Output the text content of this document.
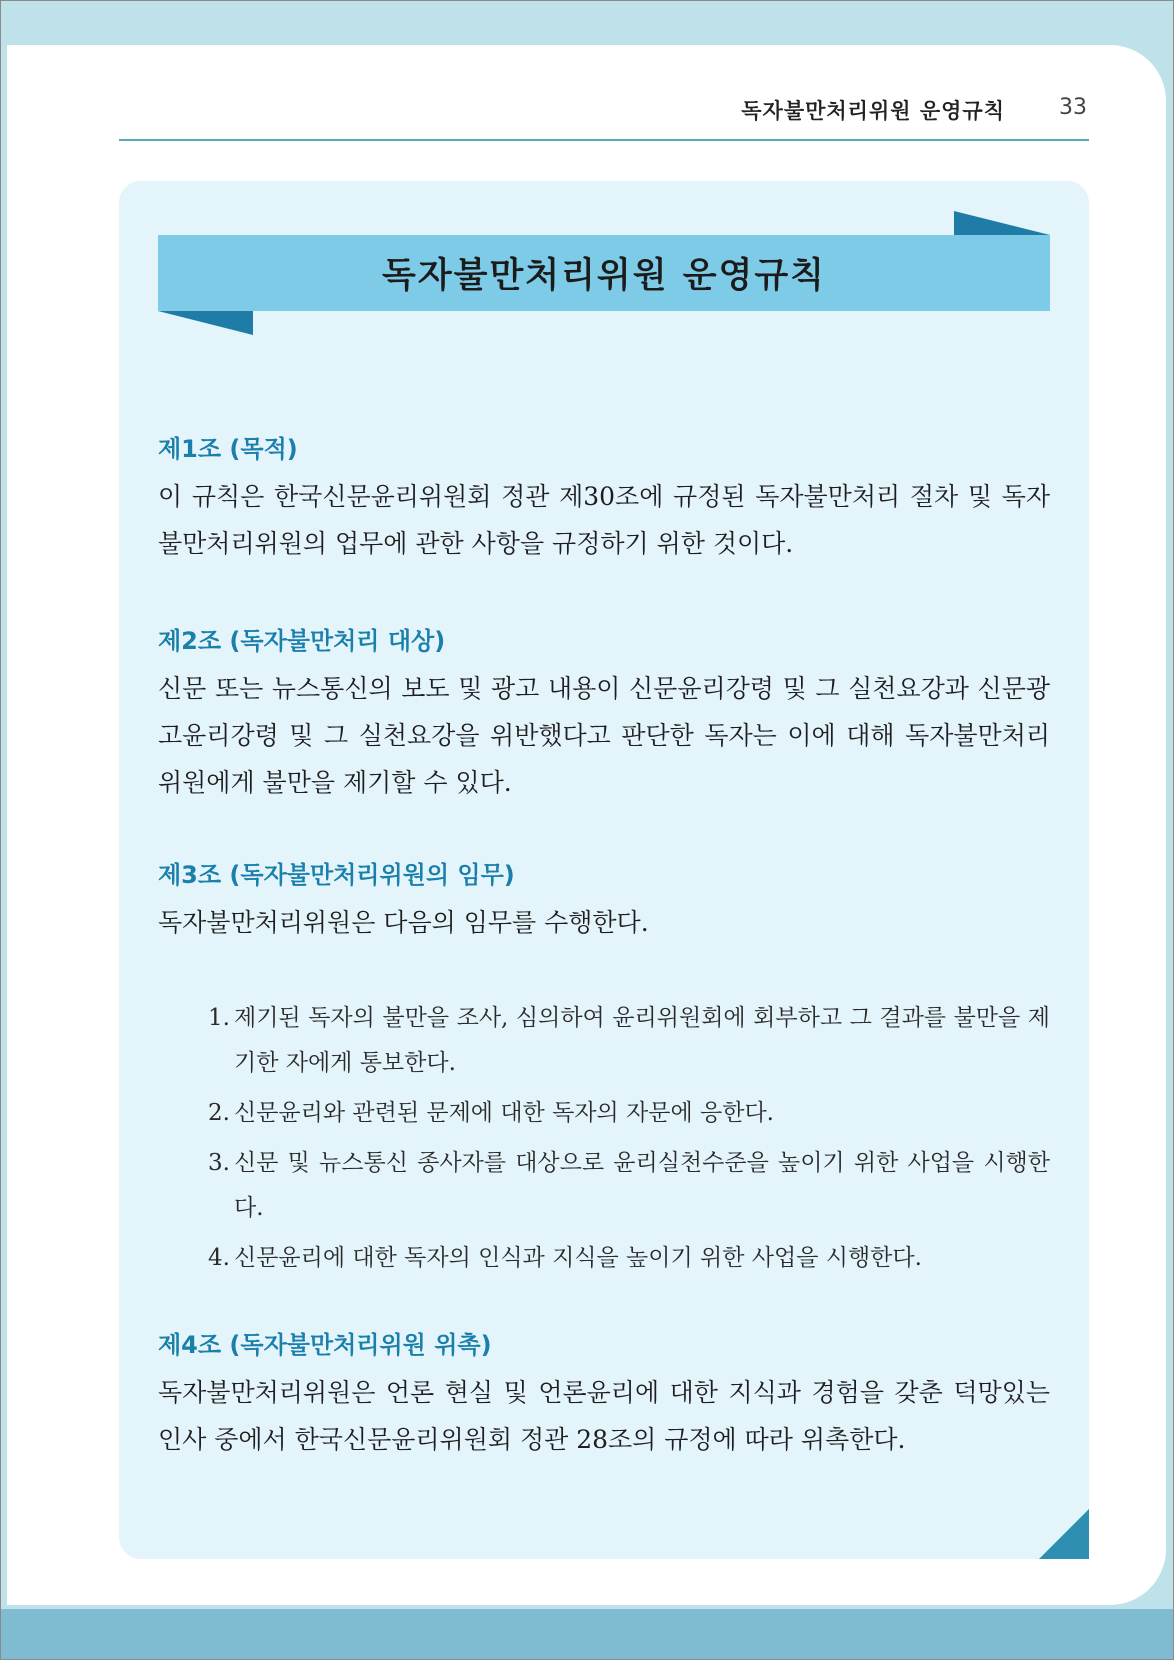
독자불만처리위원 운영규칙 33
독자불만처리위원 운영규칙
제1조 (목적)

이 규칙은 한국신문윤리위원회 정관 제30조에 규정된 독자불만처리 절차 및 독자 불만처리위원의 업무에 관한 사항을 규정하기 위한 것이다.

제2조 (독자불만처리 대상)

신문 또는 뉴스통신의 보도 및 광고 내용이 신문윤리강령 및 그 실천요강과 신문광고윤리강령 및 그 실천요강을 위반했다고 판단한 독자는 이에 대해 독자불만처리위원에게 불만을 제기할 수 있다.

제3조 (독자불만처리위원의 임무)

독자불만처리위원은 다음의 임무를 수행한다.

1. 제기된 독자의 불만을 조사, 심의하여 윤리위원회에 회부하고 그 결과를 불만을 제기한 자에게 통보한다.
2. 신문윤리와 관련된 문제에 대한 독자의 자문에 응한다.
3. 신문 및 뉴스통신 종사자를 대상으로 윤리실천수준을 높이기 위한 사업을 시행한다.
4. 신문윤리에 대한 독자의 인식과 지식을 높이기 위한 사업을 시행한다.
제4조 (독자불만처리위원 위촉)

독자불만처리위원은 언론 현실 및 언론윤리에 대한 지식과 경험을 갖춘 덕망있는 인사 중에서 한국신문윤리위원회 정관 28조의 규정에 따라 위촉한다.
